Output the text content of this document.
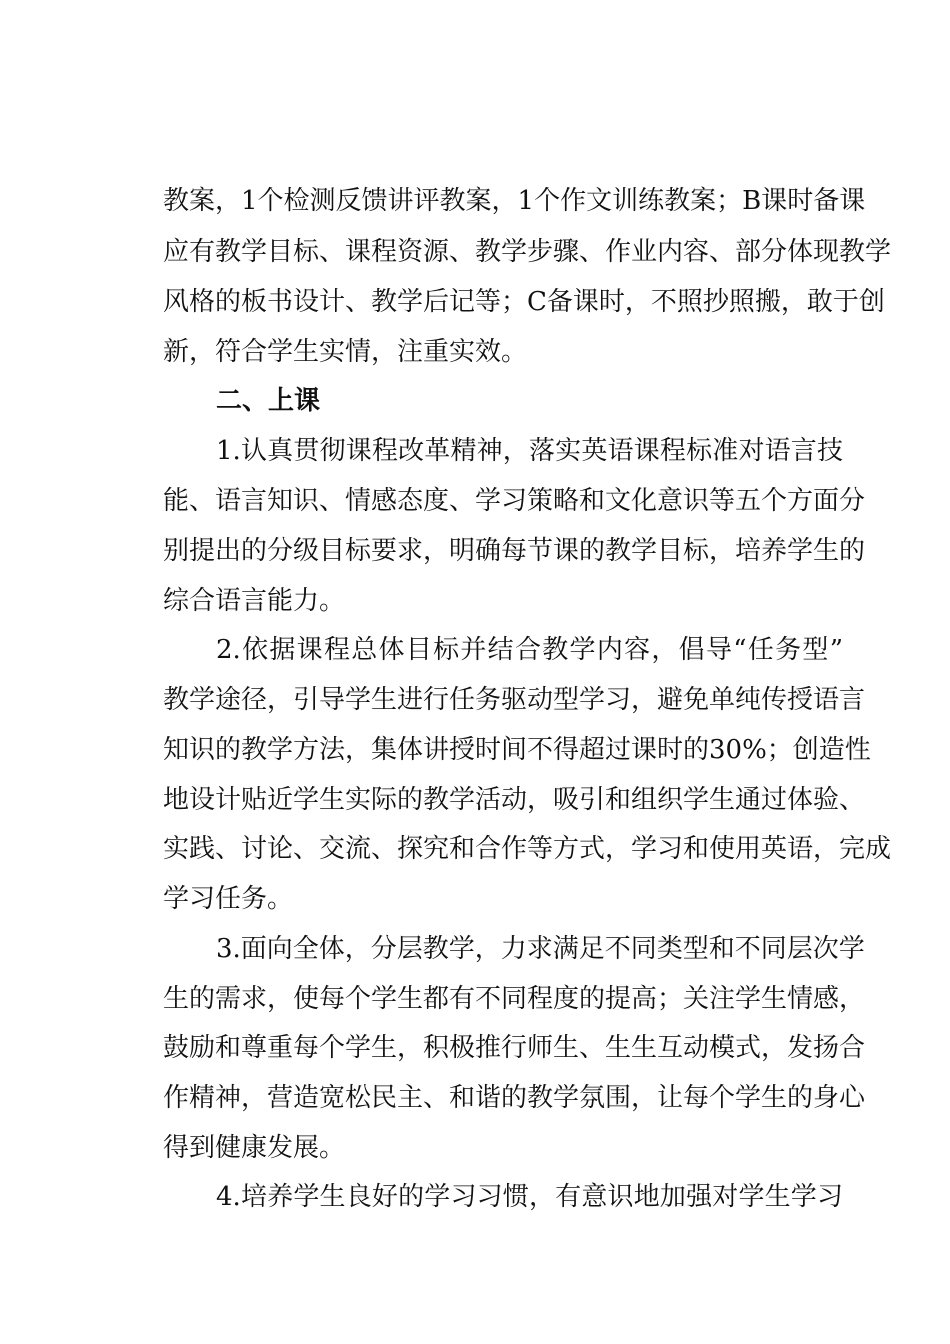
教案，1个检测反馈讲评教案，1个作文训练教案；B课时备课
应有教学目标、课程资源、教学步骤、作业内容、部分体现教学
风格的板书设计、教学后记等；C备课时，不照抄照搬，敢于创
新，符合学生实情，注重实效。
二、上课
1.认真贯彻课程改革精神，落实英语课程标准对语言技
能、语言知识、情感态度、学习策略和文化意识等五个方面分
别提出的分级目标要求，明确每节课的教学目标，培养学生的
综合语言能力。
2.依据课程总体目标并结合教学内容，倡导“任务型”
教学途径，引导学生进行任务驱动型学习，避免单纯传授语言
知识的教学方法，集体讲授时间不得超过课时的30%；创造性
地设计贴近学生实际的教学活动，吸引和组织学生通过体验、
实践、讨论、交流、探究和合作等方式，学习和使用英语，完成
学习任务。
3.面向全体，分层教学，力求满足不同类型和不同层次学
生的需求，使每个学生都有不同程度的提高；关注学生情感，
鼓励和尊重每个学生，积极推行师生、生生互动模式，发扬合
作精神，营造宽松民主、和谐的教学氛围，让每个学生的身心
得到健康发展。
4.培养学生良好的学习习惯，有意识地加强对学生学习
